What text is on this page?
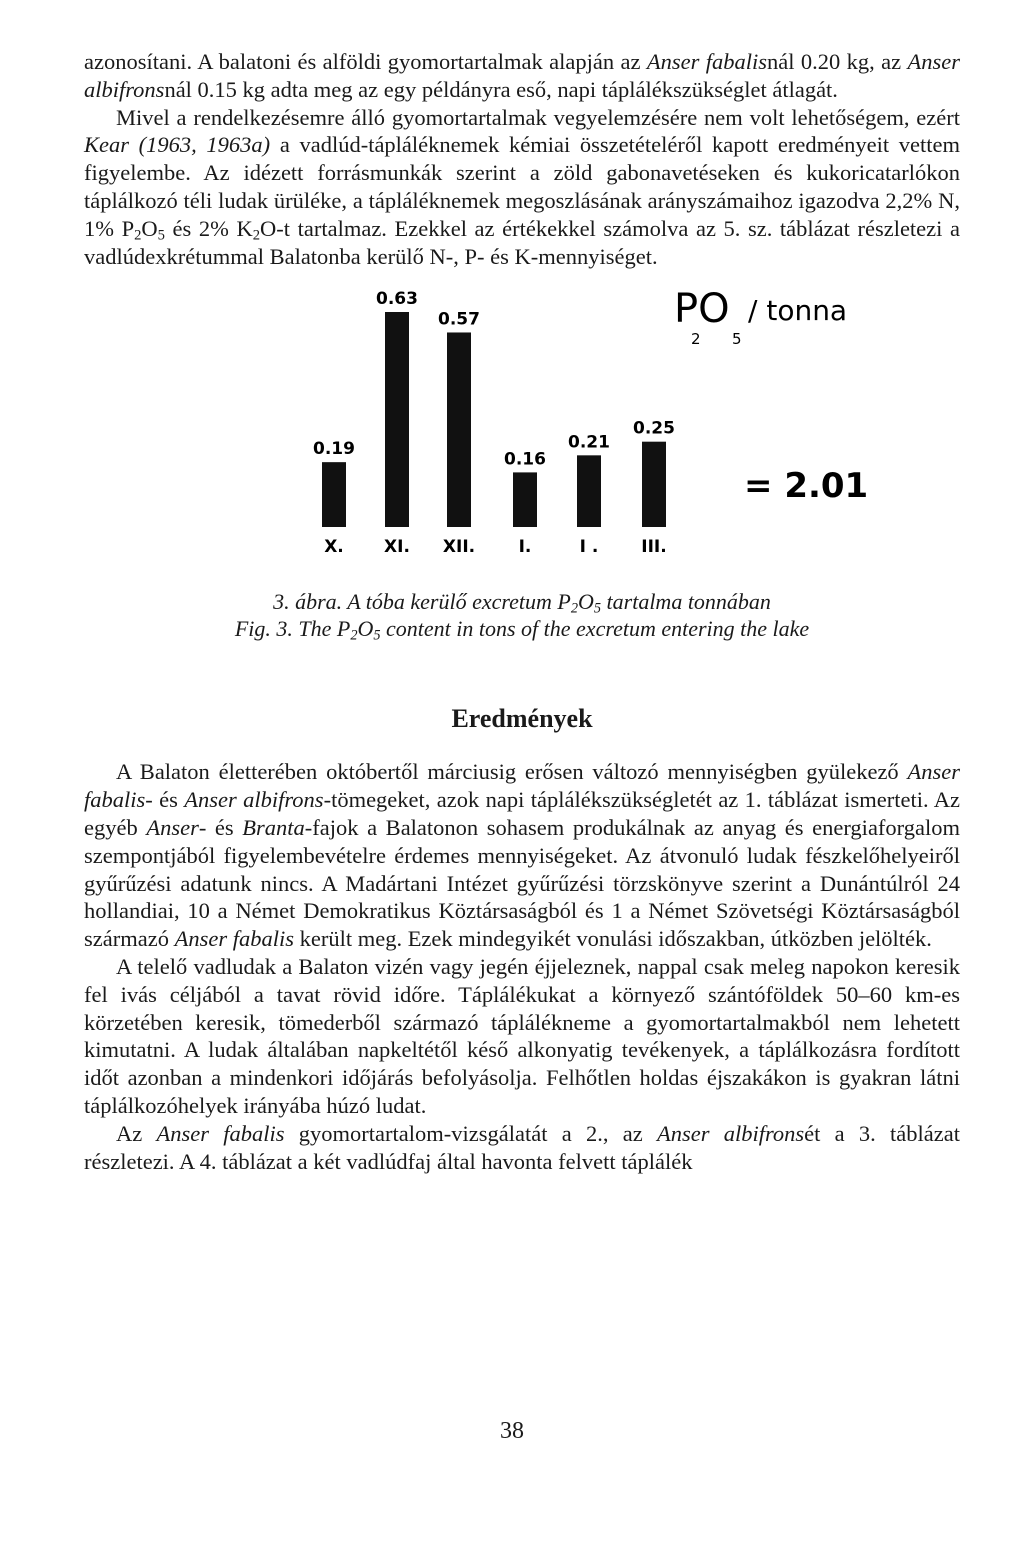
azonosítani. A balatoni és alföldi gyomortartalmak alapján az Anser fabalisnál 0.20 kg, az Anser albifronsnál 0.15 kg adta meg az egy példányra eső, napi táplálékszükséglet átlagát.

Mivel a rendelkezésemre álló gyomortartalmak vegyelemzésére nem volt lehetőségem, ezért Kear (1963, 1963a) a vadlúd-tápláléknemek kémiai összetételéről kapott eredményeit vettem figyelembe. Az idézett forrásmunkák szerint a zöld gabonavetéseken és kukoricatarlókon táplálkozó téli ludak ürüléke, a tápláléknemek megoszlásának arányszámaihoz igazodva 2,2% N, 1% $P_2O_5$ és 2% $K_2O-t$ tartalmaz. Ezekkel az értékekkel számolva az 5. sz. táblázat részletezi a vadlúdexkrétummal Balatonba kerülő N-, P- és K-mennyiséget.

PO
2 5
/ tonna
0.19
X.
0.63
XI.
0.57
XII.
0.16
I.
0.21
I .
0.25
III.
= 2.01
3. ábra. A tóba kerülő excretum $P_2O_5$ tartalma tonnában
Fig. 3. The $P_2O_5$ content in tons of the excretum entering the lake
Eredmények

A Balaton életterében októbertől márciusig erősen változó mennyiségben gyülekező Anser fabalis- és Anser albifrons-tömegeket, azok napi táplálékszükségletét az 1. táblázat ismerteti. Az egyéb Anser- és Branta-fajok a Balatonon sohasem produkálnak az anyag és energiaforgalom szempontjából figyelembevételre érdemes mennyiségeket. Az átvonuló ludak fészkelőhelyeiről gyűrűzési adatunk nincs. A Madártani Intézet gyűrűzési törzskönyve szerint a Dunántúlról 24 hollandiai, 10 a Német Demokratikus Köztársaságból és 1 a Német Szövetségi Köztársaságból származó Anser fabalis került meg. Ezek mindegyikét vonulási időszakban, útközben jelölték.

A telelő vadludak a Balaton vizén vagy jegén éjjeleznek, nappal csak meleg napokon keresik fel ivás céljából a tavat rövid időre. Táplálékukat a környező szántóföldek 50–60 km-es körzetében keresik, tömederből származó táplálékneme a gyomortartalmakból nem lehetett kimutatni. A ludak általában napkeltétől késő alkonyatig tevékenyek, a táplálkozásra fordított időt azonban a mindenkori időjárás befolyásolja. Felhőtlen holdas éjszakákon is gyakran látni táplálkozóhelyek irányába húzó ludat.

Az Anser fabalis gyomortartalom-vizsgálatát a 2., az Anser albifronsét a 3. táblázat részletezi. A 4. táblázat a két vadlúdfaj által havonta felvett táplálék

38
